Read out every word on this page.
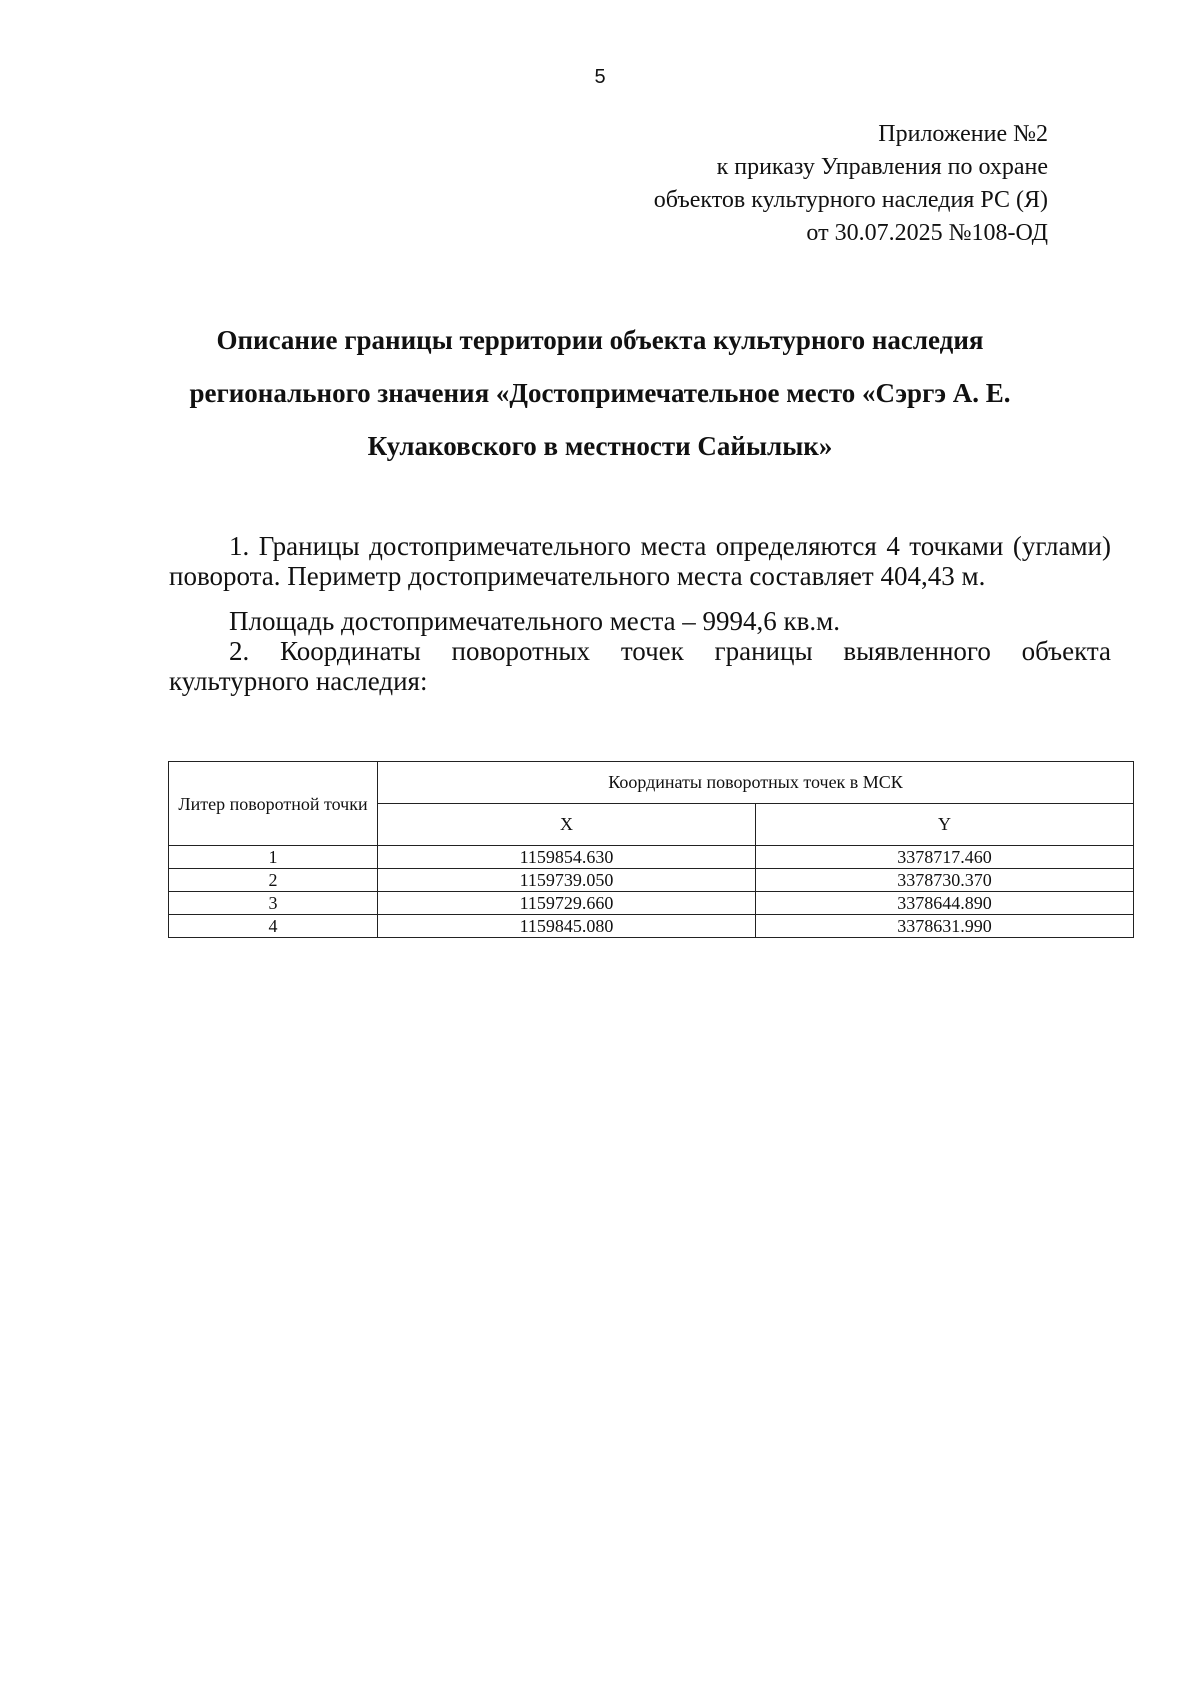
5
Приложение №2
к приказу Управления по охране
объектов культурного наследия РС (Я)
от 30.07.2025 №108-ОД
Описание границы территории объекта культурного наследия
регионального значения «Достопримечательное место «Сэргэ А. Е.
Кулаковского в местности Сайылык»

1. Границы достопримечательного места определяются 4 точками (углами) поворота. Периметр достопримечательного места составляет 404,43 м.

Площадь достопримечательного места – 9994,6 кв.м.

2. Координаты поворотных точек границы выявленного объекта культурного наследия:

Литер поворотной точки	Координаты поворотных точек в МСК	
	X	Y
1	1159854.630	3378717.460
2	1159739.050	3378730.370
3	1159729.660	3378644.890
4	1159845.080	3378631.990
